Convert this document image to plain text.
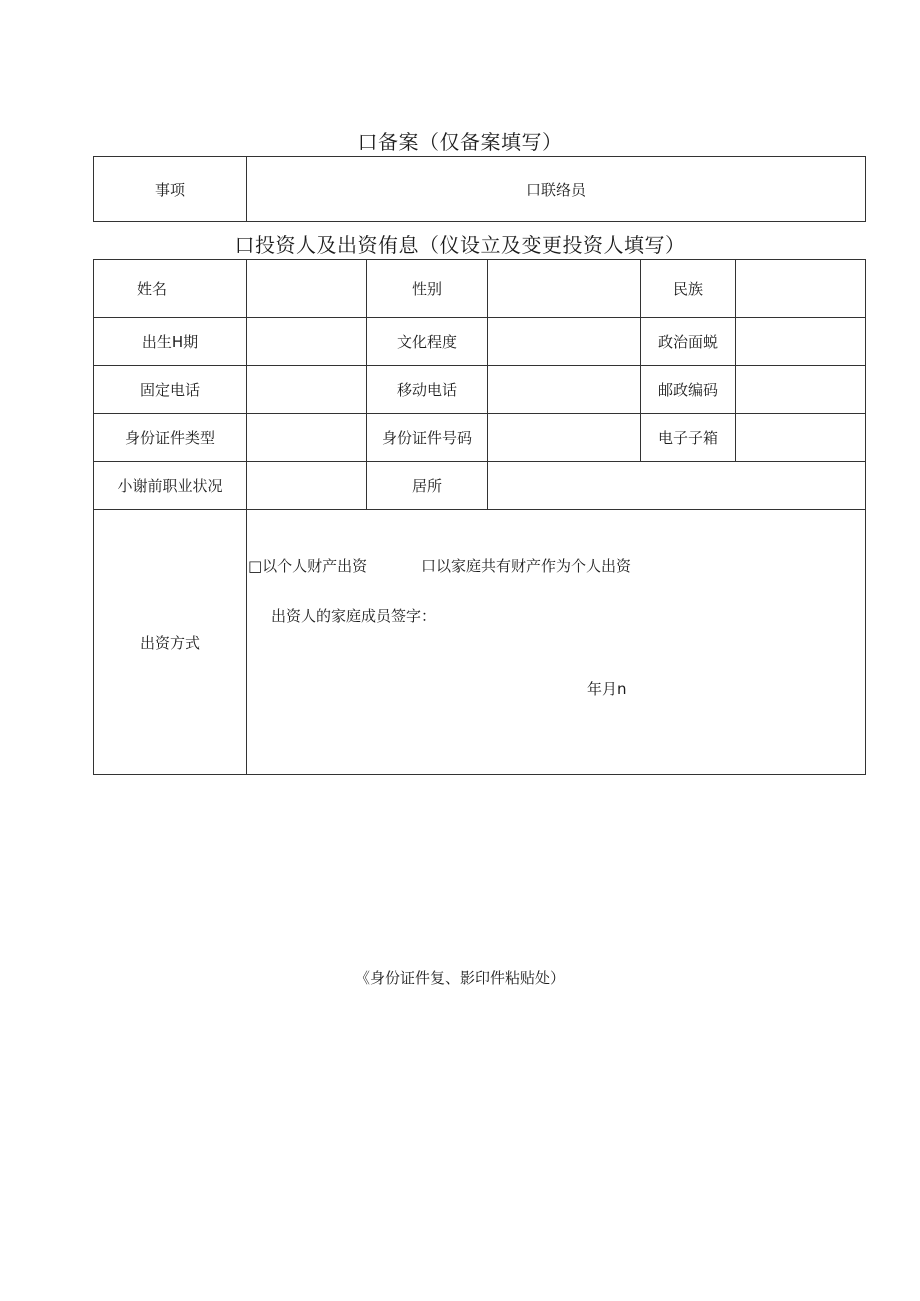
口备案（仅备案填写）
事项	口联络员
口投资人及出资侑息（仪设立及变更投资人填写）
姓名		性别		民族	
出生H期		文化程度		政治面蜕	
固定电话		移动电话		邮政编码	
身份证件类型		身份证件号码		电子子箱	
小谢前职业状况		居所			
出资方式	□以个人财产出资 口以家庭共有财产作为个人出资
出资人的家庭成员签字：
年月n				
《身份证件复、影印件粘贴处）
